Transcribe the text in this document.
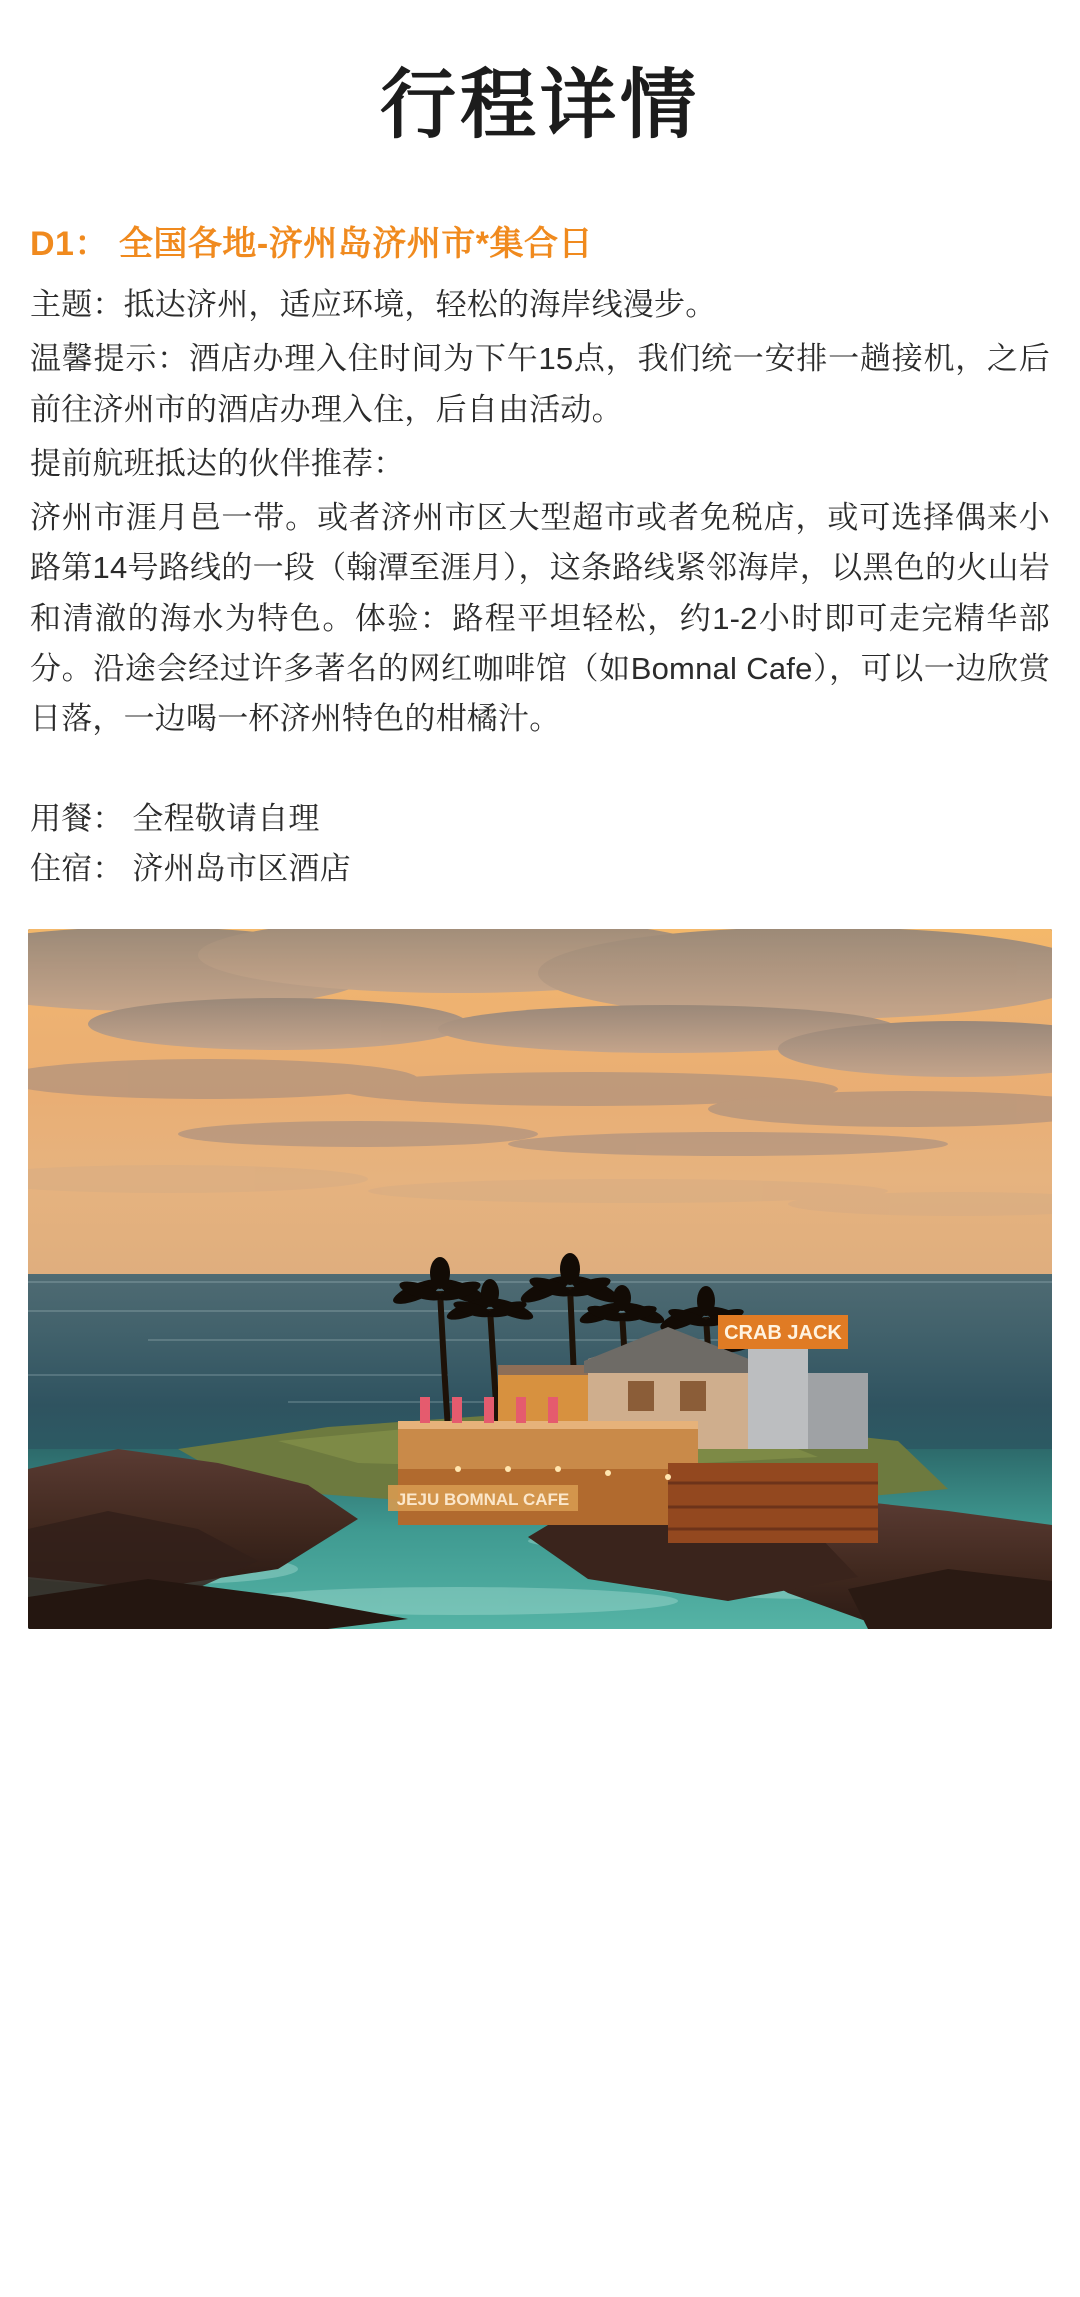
行程详情
D1： 全国各地-济州岛济州市*集合日

主题：抵达济州，适应环境，轻松的海岸线漫步。

温馨提示：酒店办理入住时间为下午15点，我们统一安排一趟接机，之后前往济州市的酒店办理入住，后自由活动。

提前航班抵达的伙伴推荐：

济州市涯月邑一带。或者济州市区大型超市或者免税店，或可选择偶来小路第14号路线的一段（翰潭至涯月），这条路线紧邻海岸，以黑色的火山岩和清澈的海水为特色。体验：路程平坦轻松，约1-2小时即可走完精华部分。沿途会经过许多著名的网红咖啡馆（如Bomnal Cafe），可以一边欣赏日落，一边喝一杯济州特色的柑橘汁。

用餐： 全程敬请自理

住宿： 济州岛市区酒店

CRAB JACK
JEJU BOMNAL CAFE
